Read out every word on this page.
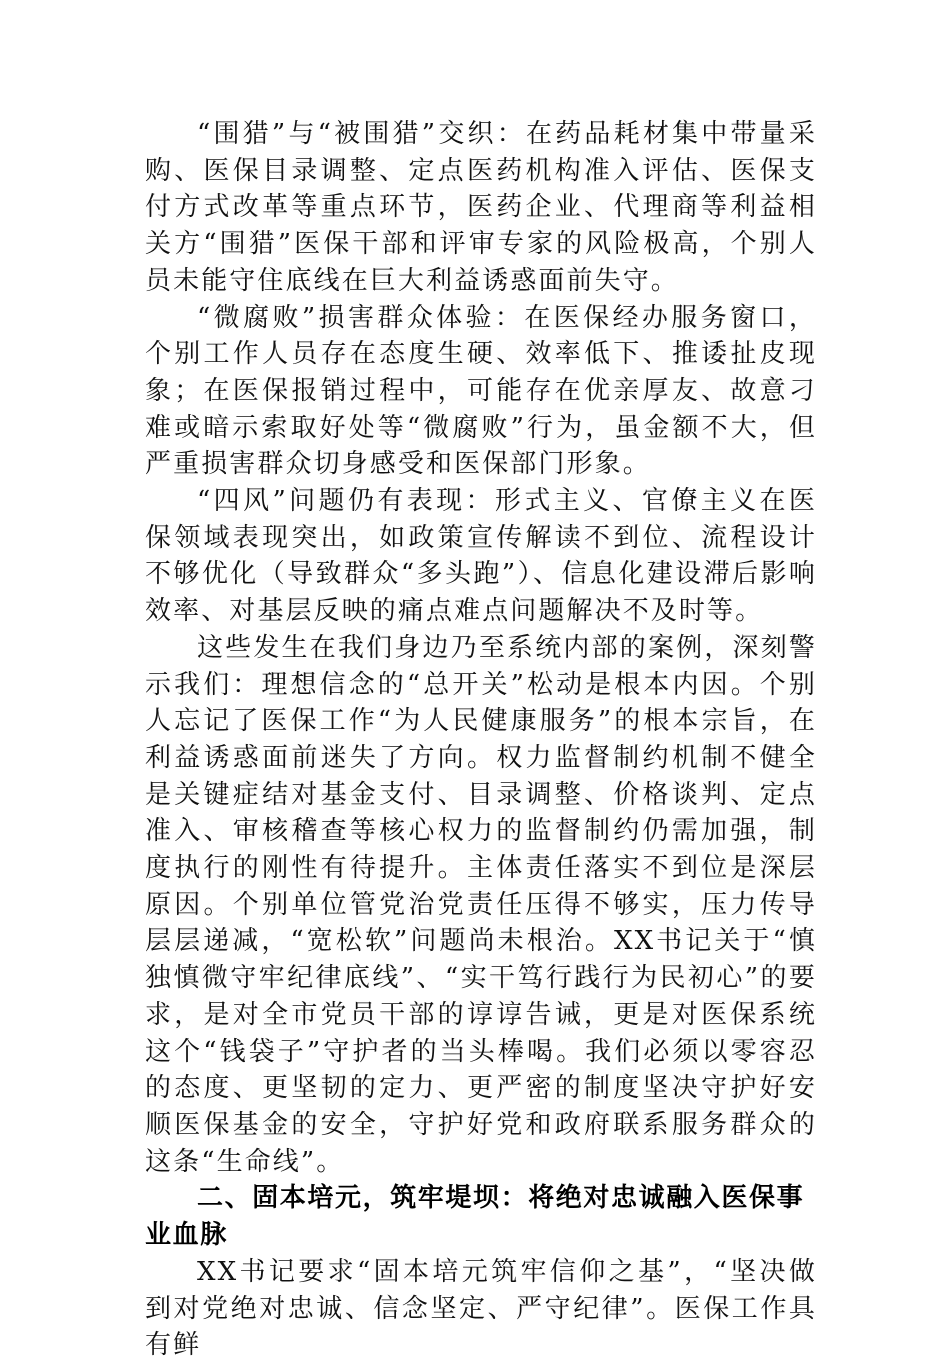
“围猎”与“被围猎”交织：在药品耗材集中带量采购、医保目录调整、定点医药机构准入评估、医保支付方式改革等重点环节，医药企业、代理商等利益相关方“围猎”医保干部和评审专家的风险极高，个别人员未能守住底线在巨大利益诱惑面前失守。

“微腐败”损害群众体验：在医保经办服务窗口，个别工作人员存在态度生硬、效率低下、推诿扯皮现象；在医保报销过程中，可能存在优亲厚友、故意刁难或暗示索取好处等“微腐败”行为，虽金额不大，但严重损害群众切身感受和医保部门形象。

“四风”问题仍有表现：形式主义、官僚主义在医保领域表现突出，如政策宣传解读不到位、流程设计不够优化（导致群众“多头跑”）、信息化建设滞后影响效率、对基层反映的痛点难点问题解决不及时等。

这些发生在我们身边乃至系统内部的案例，深刻警示我们：理想信念的“总开关”松动是根本内因。个别人忘记了医保工作“为人民健康服务”的根本宗旨，在利益诱惑面前迷失了方向。权力监督制约机制不健全是关键症结对基金支付、目录调整、价格谈判、定点准入、审核稽查等核心权力的监督制约仍需加强，制度执行的刚性有待提升。主体责任落实不到位是深层原因。个别单位管党治党责任压得不够实，压力传导层层递减，“宽松软”问题尚未根治。XX书记关于“慎独慎微守牢纪律底线”、“实干笃行践行为民初心”的要求，是对全市党员干部的谆谆告诫，更是对医保系统这个“钱袋子”守护者的当头棒喝。我们必须以零容忍的态度、更坚韧的定力、更严密的制度坚决守护好安顺医保基金的安全，守护好党和政府联系服务群众的这条“生命线”。

二、固本培元，筑牢堤坝：将绝对忠诚融入医保事业血脉

XX书记要求“固本培元筑牢信仰之基”，“坚决做到对党绝对忠诚、信念坚定、严守纪律”。医保工作具有鲜
